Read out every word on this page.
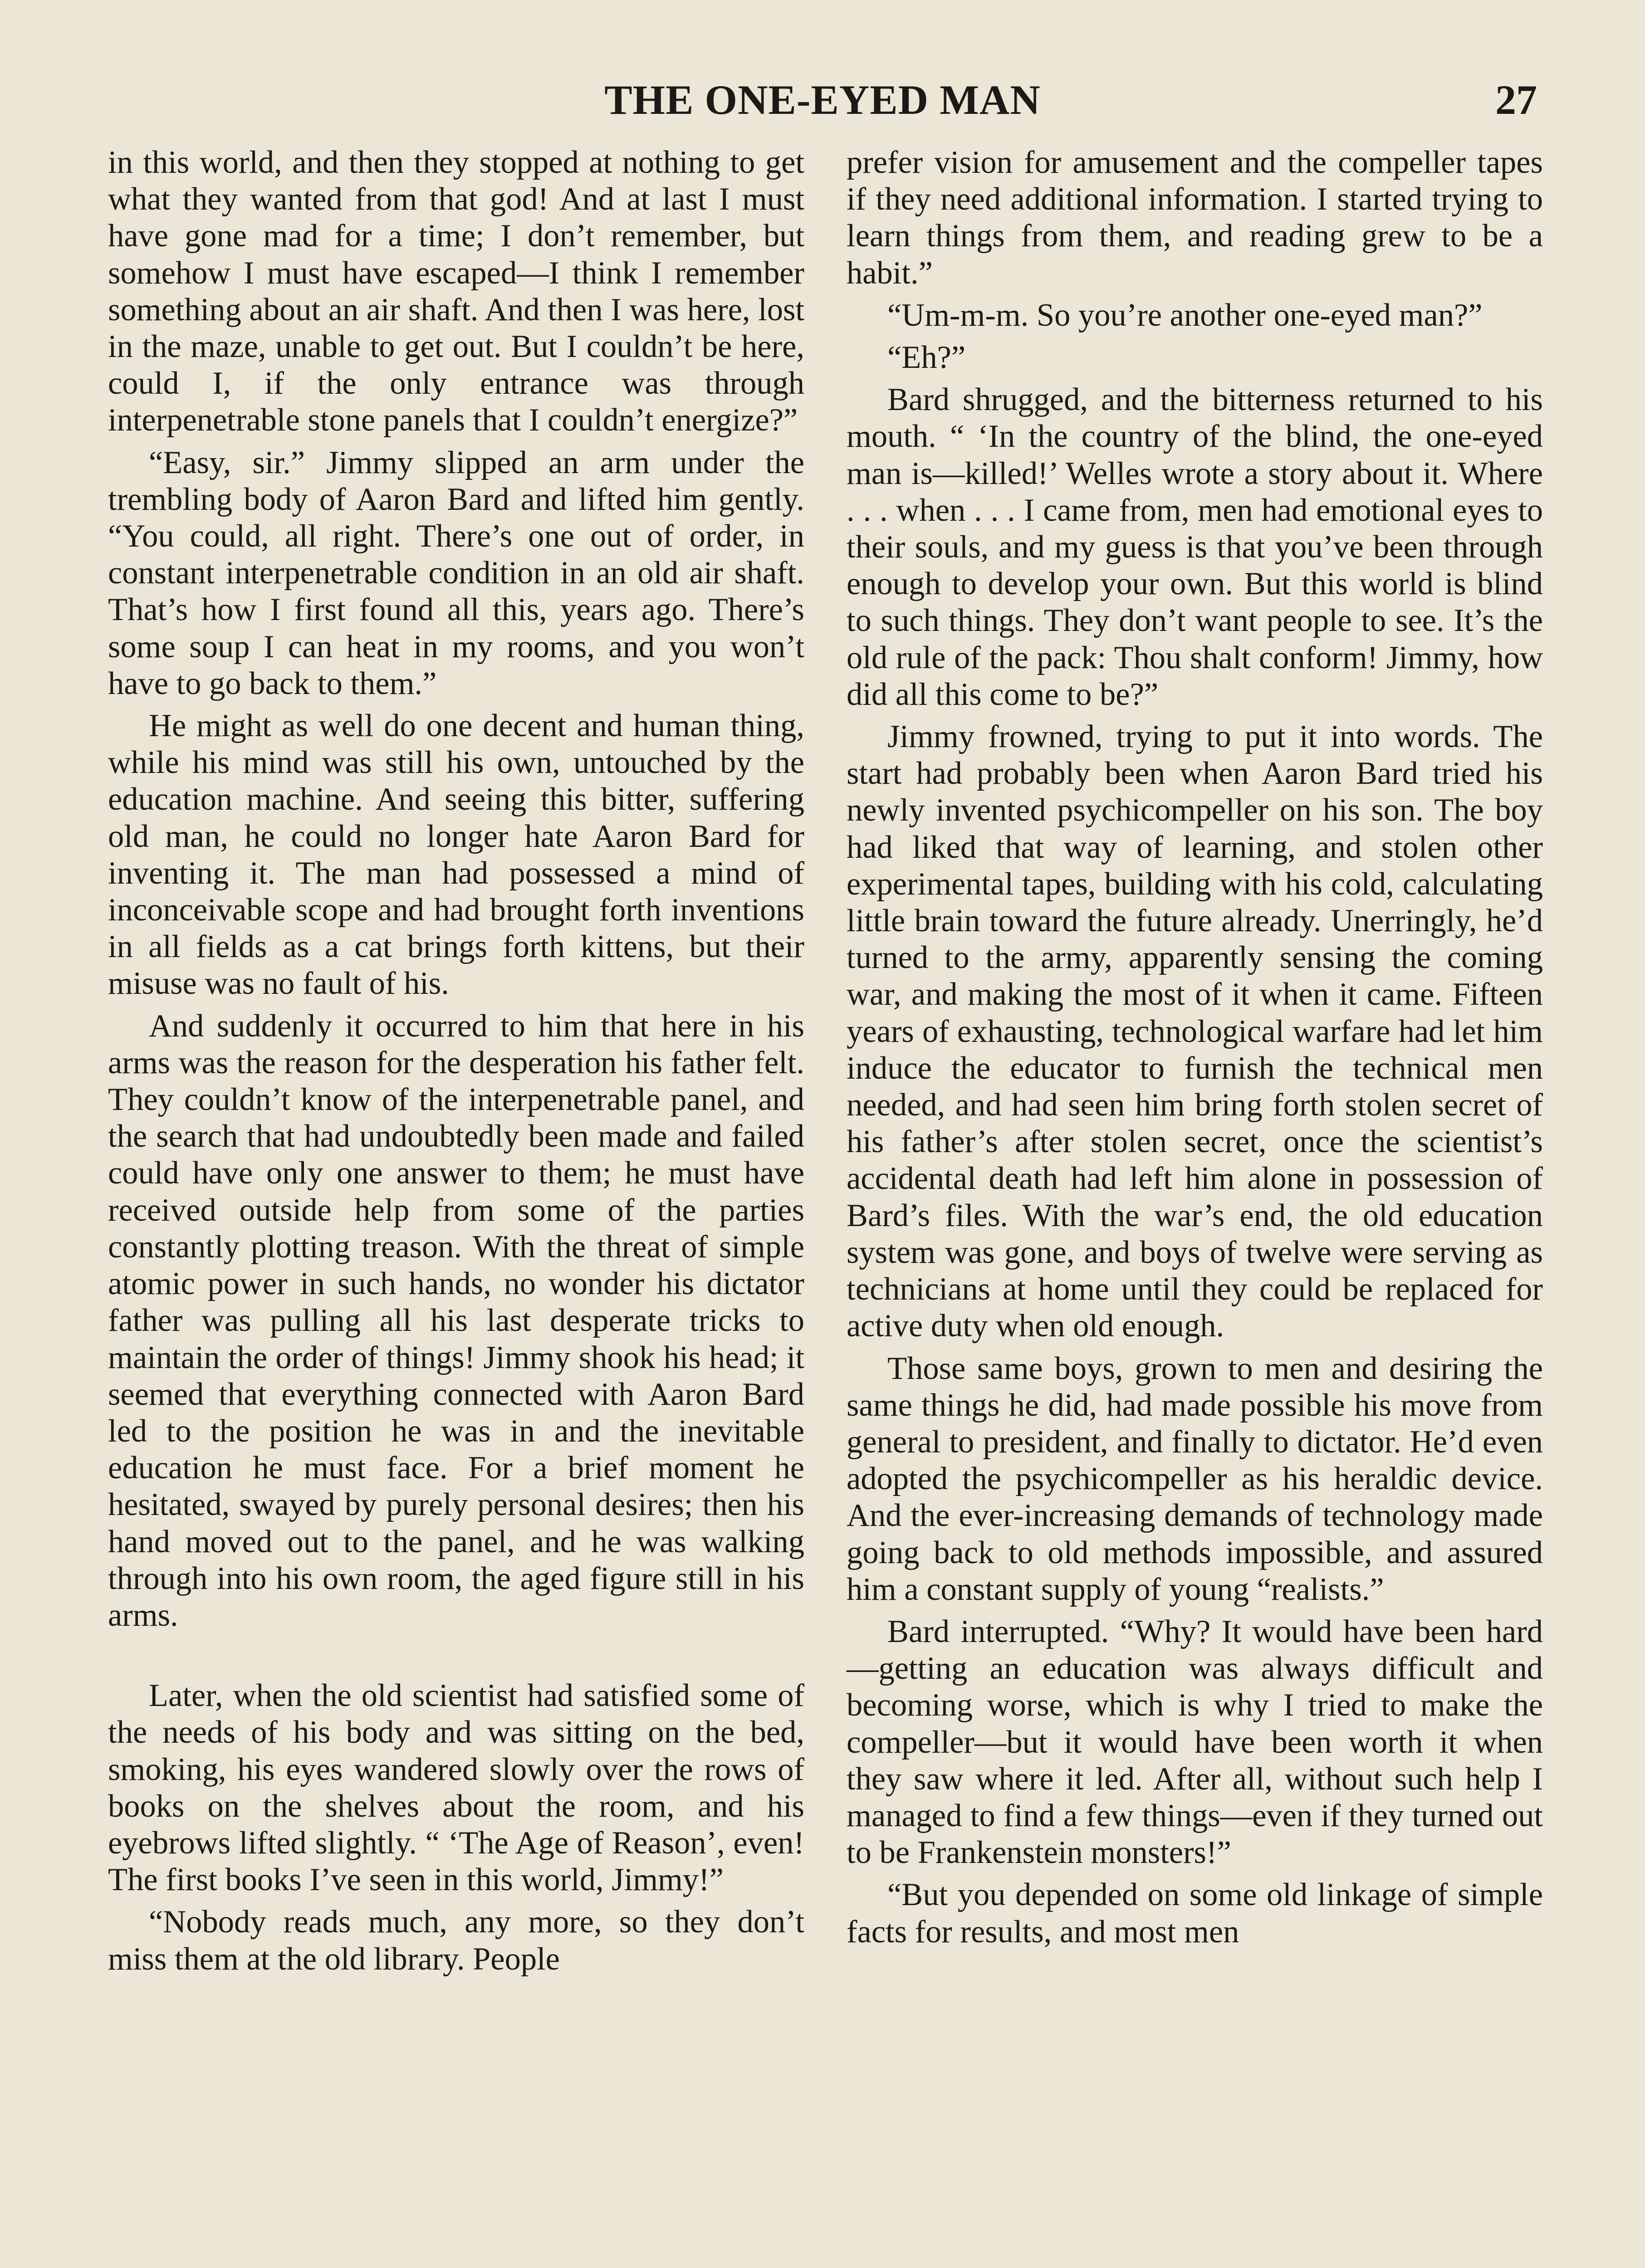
THE ONE-EYED MAN	27

in this world, and then they stopped at nothing to get what they wanted from that god! And at last I must have gone mad for a time; I don’t remember, but somehow I must have escaped—I think I remember something about an air shaft. And then I was here, lost in the maze, unable to get out. But I couldn’t be here, could I, if the only entrance was through interpenetrable stone panels that I couldn’t energize?”

“Easy, sir.” Jimmy slipped an arm under the trembling body of Aaron Bard and lifted him gently. “You could, all right. There’s one out of order, in constant interpenetrable condition in an old air shaft. That’s how I first found all this, years ago. There’s some soup I can heat in my rooms, and you won’t have to go back to them.”

He might as well do one decent and human thing, while his mind was still his own, untouched by the education machine. And seeing this bitter, suffering old man, he could no longer hate Aaron Bard for inventing it. The man had possessed a mind of inconceivable scope and had brought forth inventions in all fields as a cat brings forth kittens, but their misuse was no fault of his.

And suddenly it occurred to him that here in his arms was the reason for the desperation his father felt. They couldn’t know of the interpenetrable panel, and the search that had undoubtedly been made and failed could have only one answer to them; he must have received outside help from some of the parties constantly plotting treason. With the threat of simple atomic power in such hands, no wonder his dictator father was pulling all his last desperate tricks to maintain the order of things! Jimmy shook his head; it seemed that everything connected with Aaron Bard led to the position he was in and the inevitable education he must face. For a brief moment he hesitated, swayed by purely personal desires; then his hand moved out to the panel, and he was walking through into his own room, the aged figure still in his arms.

Later, when the old scientist had satisfied some of the needs of his body and was sitting on the bed, smoking, his eyes wandered slowly over the rows of books on the shelves about the room, and his eyebrows lifted slightly. “ ‘The Age of Reason’, even! The first books I’ve seen in this world, Jimmy!”

“Nobody reads much, any more, so they don’t miss them at the old library. People

prefer vision for amusement and the compeller tapes if they need additional information. I started trying to learn things from them, and reading grew to be a habit.”

“Um-m-m. So you’re another one-eyed man?”

“Eh?”

Bard shrugged, and the bitterness returned to his mouth. “ ‘In the country of the blind, the one-eyed man is—killed!’ Welles wrote a story about it. Where . . . when . . . I came from, men had emotional eyes to their souls, and my guess is that you’ve been through enough to develop your own. But this world is blind to such things. They don’t want people to see. It’s the old rule of the pack: Thou shalt conform! Jimmy, how did all this come to be?”

Jimmy frowned, trying to put it into words. The start had probably been when Aaron Bard tried his newly invented psychicompeller on his son. The boy had liked that way of learning, and stolen other experimental tapes, building with his cold, calculating little brain toward the future already. Unerringly, he’d turned to the army, apparently sensing the coming war, and making the most of it when it came. Fifteen years of exhausting, technological warfare had let him induce the educator to furnish the technical men needed, and had seen him bring forth stolen secret of his father’s after stolen secret, once the scientist’s accidental death had left him alone in possession of Bard’s files. With the war’s end, the old education system was gone, and boys of twelve were serving as technicians at home until they could be replaced for active duty when old enough.

Those same boys, grown to men and desiring the same things he did, had made possible his move from general to president, and finally to dictator. He’d even adopted the psychicompeller as his heraldic device. And the ever-increasing demands of technology made going back to old methods impossible, and assured him a constant supply of young “realists.”

Bard interrupted. “Why? It would have been hard—getting an education was always difficult and becoming worse, which is why I tried to make the compeller—but it would have been worth it when they saw where it led. After all, without such help I managed to find a few things—even if they turned out to be Frankenstein monsters!”

“But you depended on some old linkage of simple facts for results, and most men
